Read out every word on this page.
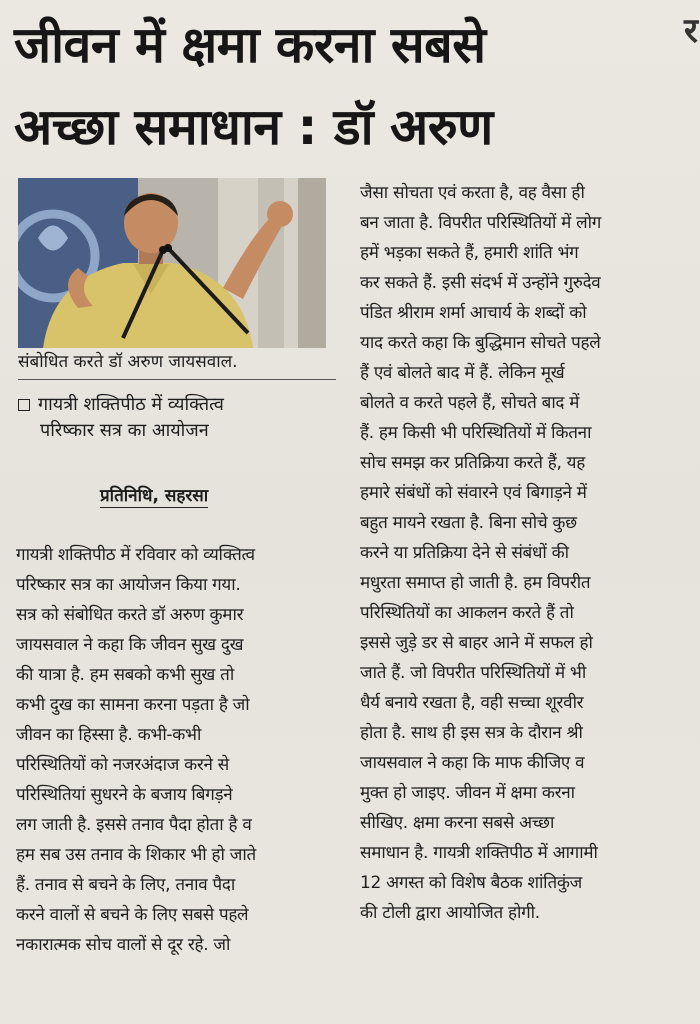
जीवन में क्षमा करना सबसे
अच्छा समाधान : डॉ अरुण
र
संबोधित करते डॉ अरुण जायसवाल.
गायत्री शक्तिपीठ में व्यक्तित्व
परिष्कार सत्र का आयोजन
प्रतिनिधि, सहरसा
गायत्री शक्तिपीठ में रविवार को व्यक्तित्व
परिष्कार सत्र का आयोजन किया गया.
सत्र को संबोधित करते डॉ अरुण कुमार
जायसवाल ने कहा कि जीवन सुख दुख
की यात्रा है. हम सबको कभी सुख तो
कभी दुख का सामना करना पड़ता है जो
जीवन का हिस्सा है. कभी-कभी
परिस्थितियों को नजरअंदाज करने से
परिस्थितियां सुधरने के बजाय बिगड़ने
लग जाती है. इससे तनाव पैदा होता है व
हम सब उस तनाव के शिकार भी हो जाते
हैं. तनाव से बचने के लिए, तनाव पैदा
करने वालों से बचने के लिए सबसे पहले
नकारात्मक सोच वालों से दूर रहे. जो
जैसा सोचता एवं करता है, वह वैसा ही
बन जाता है. विपरीत परिस्थितियों में लोग
हमें भड़का सकते हैं, हमारी शांति भंग
कर सकते हैं. इसी संदर्भ में उन्होंने गुरुदेव
पंडित श्रीराम शर्मा आचार्य के शब्दों को
याद करते कहा कि बुद्धिमान सोचते पहले
हैं एवं बोलते बाद में हैं. लेकिन मूर्ख
बोलते व करते पहले हैं, सोचते बाद में
हैं. हम किसी भी परिस्थितियों में कितना
सोच समझ कर प्रतिक्रिया करते हैं, यह
हमारे संबंधों को संवारने एवं बिगाड़ने में
बहुत मायने रखता है. बिना सोचे कुछ
करने या प्रतिक्रिया देने से संबंधों की
मधुरता समाप्त हो जाती है. हम विपरीत
परिस्थितियों का आकलन करते हैं तो
इससे जुड़े डर से बाहर आने में सफल हो
जाते हैं. जो विपरीत परिस्थितियों में भी
धैर्य बनाये रखता है, वही सच्चा शूरवीर
होता है. साथ ही इस सत्र के दौरान श्री
जायसवाल ने कहा कि माफ कीजिए व
मुक्त हो जाइए. जीवन में क्षमा करना
सीखिए. क्षमा करना सबसे अच्छा
समाधान है. गायत्री शक्तिपीठ में आगामी
12 अगस्त को विशेष बैठक शांतिकुंज
की टोली द्वारा आयोजित होगी.
